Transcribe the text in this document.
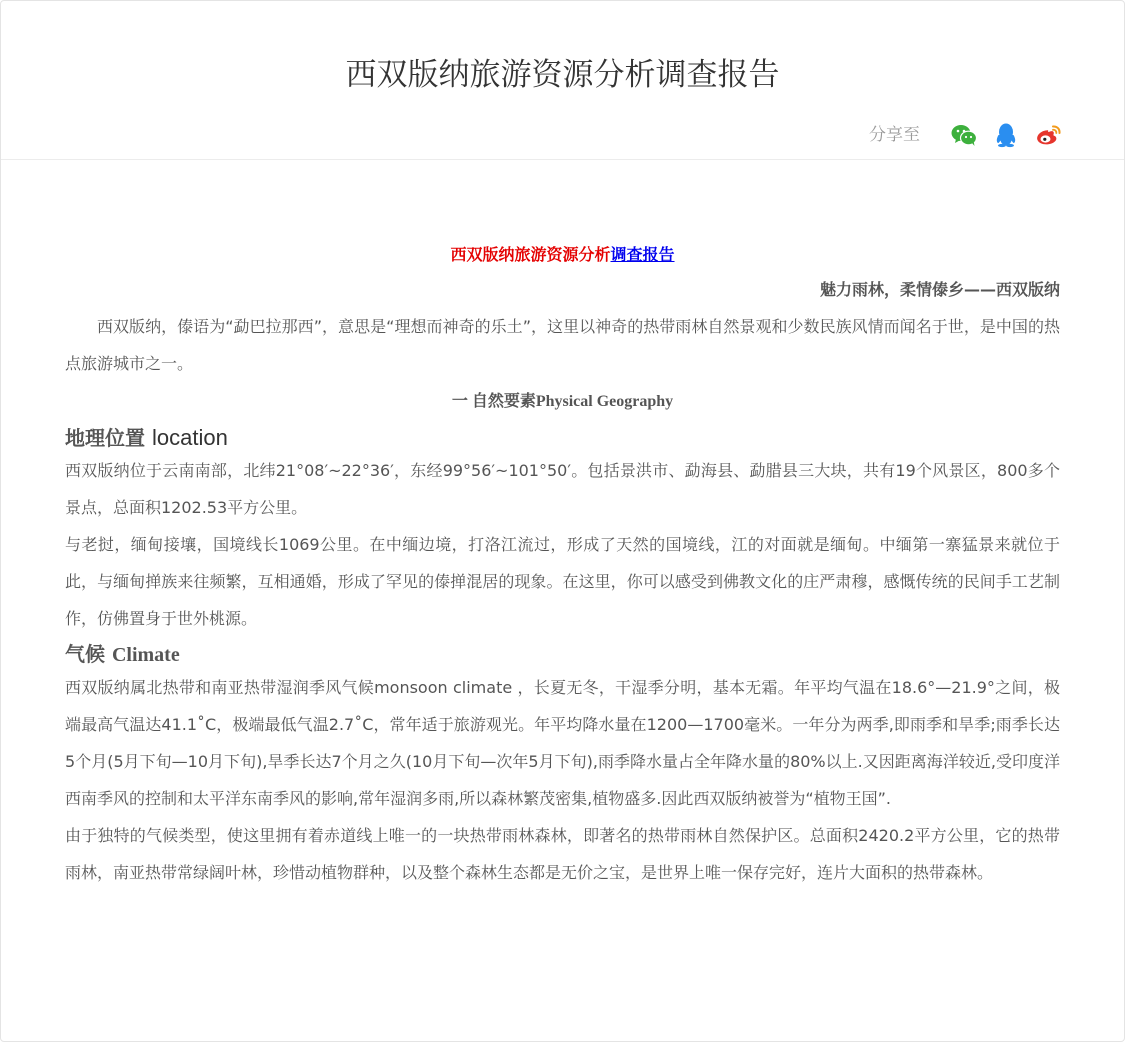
西双版纳旅游资源分析调查报告
分享至
西双版纳旅游资源分析调查报告
魅力雨林，柔情傣乡——西双版纳

西双版纳，傣语为“勐巴拉那西”，意思是“理想而神奇的乐土”，这里以神奇的热带雨林自然景观和少数民族风情而闻名于世，是中国的热点旅游城市之一。

一 自然要素Physical Geography
地理位置 location

西双版纳位于云南南部，北纬21°08′~22°36′，东经99°56′~101°50′。包括景洪市、勐海县、勐腊县三大块，共有19个风景区，800多个景点，总面积1202.53平方公里。

与老挝，缅甸接壤，国境线长1069公里。在中缅边境，打洛江流过，形成了天然的国境线，江的对面就是缅甸。中缅第一寨猛景来就位于此，与缅甸掸族来往频繁，互相通婚，形成了罕见的傣掸混居的现象。在这里，你可以感受到佛教文化的庄严肃穆，感慨传统的民间手工艺制作，仿佛置身于世外桃源。

气候 Climate

西双版纳属北热带和南亚热带湿润季风气候monsoon climate ，长夏无冬，干湿季分明，基本无霜。年平均气温在18.6°—21.9°之间，极端最高气温达41.1˚C，极端最低气温2.7˚C，常年适于旅游观光。年平均降水量在1200—1700毫米。一年分为两季,即雨季和旱季;雨季长达5个月(5月下旬—10月下旬),旱季长达7个月之久(10月下旬—次年5月下旬),雨季降水量占全年降水量的80%以上.又因距离海洋较近,受印度洋西南季风的控制和太平洋东南季风的影响,常年湿润多雨,所以森林繁茂密集,植物盛多.因此西双版纳被誉为“植物王国”.

由于独特的气候类型，使这里拥有着赤道线上唯一的一块热带雨林森林，即著名的热带雨林自然保护区。总面积2420.2平方公里，它的热带雨林，南亚热带常绿阔叶林，珍惜动植物群种，以及整个森林生态都是无价之宝，是世界上唯一保存完好，连片大面积的热带森林。
